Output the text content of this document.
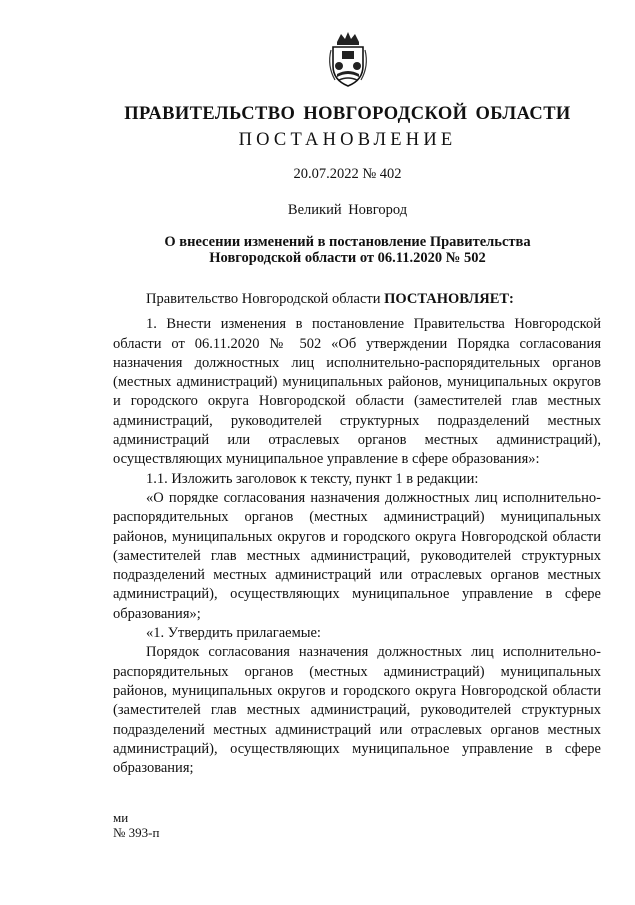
ПРАВИТЕЛЬСТВО НОВГОРОДСКОЙ ОБЛАСТИ
ПОСТАНОВЛЕНИЕ
20.07.2022 № 402
Великий Новгород
О внесении изменений в постановление Правительства
Новгородской области от 06.11.2020 № 502

Правительство Новгородской области ПОСТАНОВЛЯЕТ:

1. Внести изменения в постановление Правительства Новгородской области от 06.11.2020 № 502 «Об утверждении Порядка согласования назначения должностных лиц исполнительно-распорядительных органов (местных администраций) муниципальных районов, муниципальных округов и городского округа Новгородской области (заместителей глав местных администраций, руководителей структурных подразделений местных администраций или отраслевых органов местных администраций), осуществляющих муниципальное управление в сфере образования»:

1.1. Изложить заголовок к тексту, пункт 1 в редакции:

«О порядке согласования назначения должностных лиц исполнительно-распорядительных органов (местных администраций) муниципальных районов, муниципальных округов и городского округа Новгородской области (заместителей глав местных администраций, руководителей структурных подразделений местных администраций или отраслевых органов местных администраций), осуществляющих муниципальное управление в сфере образования»;

«1. Утвердить прилагаемые:

Порядок согласования назначения должностных лиц исполнительно-распорядительных органов (местных администраций) муниципальных районов, муниципальных округов и городского округа Новгородской области (заместителей глав местных администраций, руководителей структурных подразделений местных администраций или отраслевых органов местных администраций), осуществляющих муниципальное управление в сфере образования;

ми
№ 393-п
